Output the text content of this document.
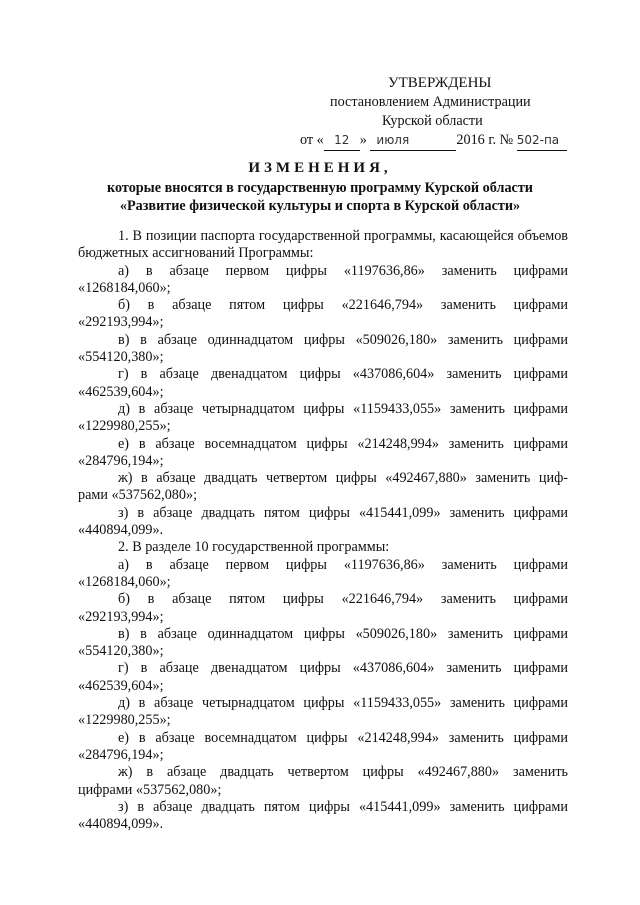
УТВЕРЖДЕНЫ
постановлением Администрации
Курской области
от « 12 » июля	2016 г. № 502-па
ИЗМЕНЕНИЯ,
которые вносятся в государственную программу Курской области
«Развитие физической культуры и спорта в Курской области»

1. В позиции паспорта государственной программы, касающейся объемов бюджетных ассигнований Программы:

а) в абзаце первом цифры «1197636,86» заменить цифрами

«1268184,060»;

б) в абзаце пятом цифры «221646,794» заменить цифрами

«292193,994»;

в) в абзаце одиннадцатом цифры «509026,180» заменить цифрами

«554120,380»;

г) в абзаце двенадцатом цифры «437086,604» заменить цифрами

«462539,604»;

д) в абзаце четырнадцатом цифры «1159433,055» заменить цифрами

«1229980,255»;

е) в абзаце восемнадцатом цифры «214248,994» заменить цифрами

«284796,194»;

ж) в абзаце двадцать четвертом цифры «492467,880» заменить циф-

рами «537562,080»;

з) в абзаце двадцать пятом цифры «415441,099» заменить цифрами

«440894,099».

2. В разделе 10 государственной программы:

а) в абзаце первом цифры «1197636,86» заменить цифрами

«1268184,060»;

б) в абзаце пятом цифры «221646,794» заменить цифрами

«292193,994»;

в) в абзаце одиннадцатом цифры «509026,180» заменить цифрами

«554120,380»;

г) в абзаце двенадцатом цифры «437086,604» заменить цифрами

«462539,604»;

д) в абзаце четырнадцатом цифры «1159433,055» заменить цифрами

«1229980,255»;

е) в абзаце восемнадцатом цифры «214248,994» заменить цифрами

«284796,194»;

ж) в абзаце двадцать четвертом цифры «492467,880» заменить

цифрами «537562,080»;

з) в абзаце двадцать пятом цифры «415441,099» заменить цифрами

«440894,099».
